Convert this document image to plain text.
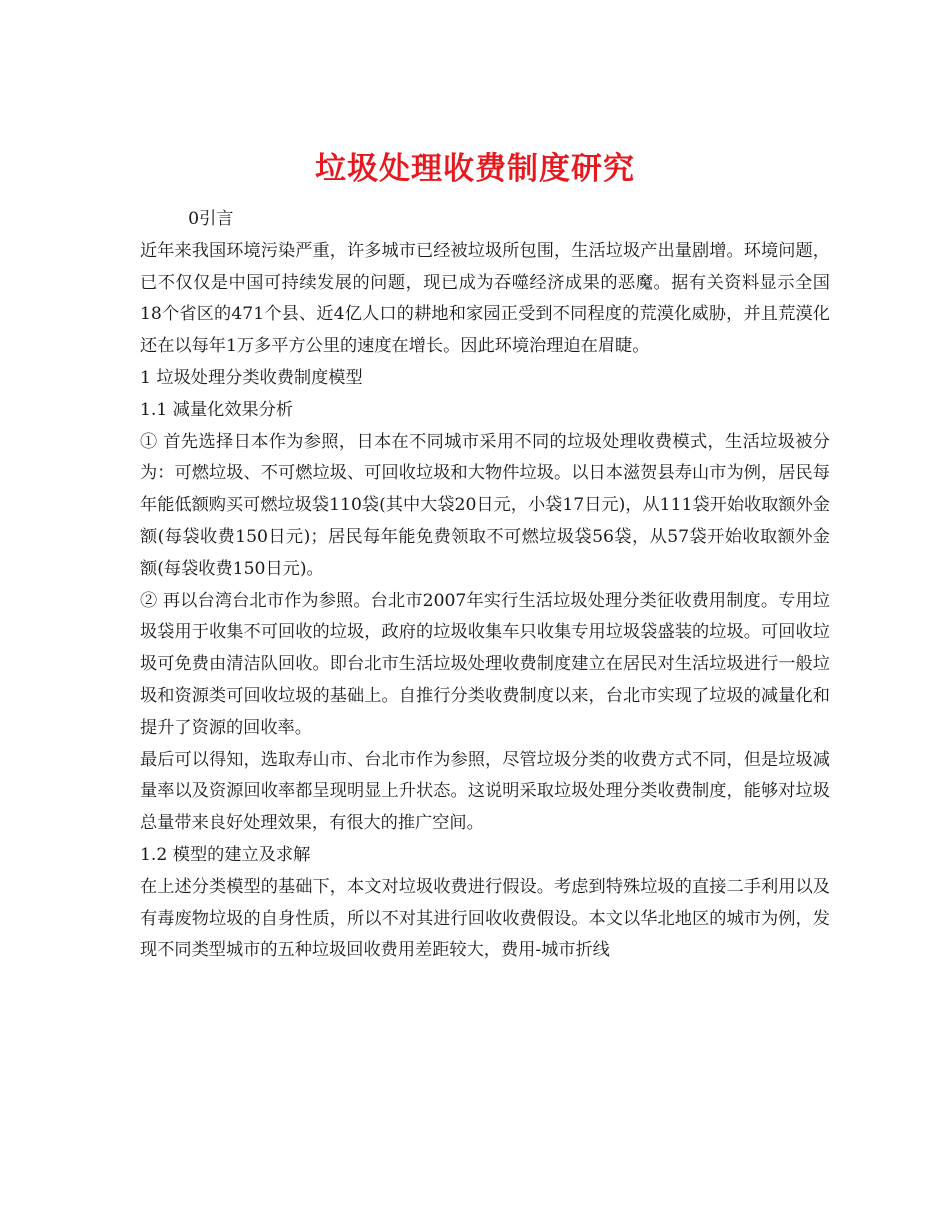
垃圾处理收费制度研究

0引言

近年来我国环境污染严重，许多城市已经被垃圾所包围，生活垃圾产出量剧增。环境问题，已不仅仅是中国可持续发展的问题，现已成为吞噬经济成果的恶魔。据有关资料显示全国18个省区的471个县、近4亿人口的耕地和家园正受到不同程度的荒漠化威胁，并且荒漠化还在以每年1万多平方公里的速度在增长。因此环境治理迫在眉睫。

1 垃圾处理分类收费制度模型

1.1 减量化效果分析

① 首先选择日本作为参照，日本在不同城市采用不同的垃圾处理收费模式，生活垃圾被分为：可燃垃圾、不可燃垃圾、可回收垃圾和大物件垃圾。以日本滋贺县寿山市为例，居民每年能低额购买可燃垃圾袋110袋(其中大袋20日元，小袋17日元)，从111袋开始收取额外金额(每袋收费150日元)；居民每年能免费领取不可燃垃圾袋56袋，从57袋开始收取额外金额(每袋收费150日元)。

② 再以台湾台北市作为参照。台北市2007年实行生活垃圾处理分类征收费用制度。专用垃圾袋用于收集不可回收的垃圾，政府的垃圾收集车只收集专用垃圾袋盛装的垃圾。可回收垃圾可免费由清洁队回收。即台北市生活垃圾处理收费制度建立在居民对生活垃圾进行一般垃圾和资源类可回收垃圾的基础上。自推行分类收费制度以来，台北市实现了垃圾的减量化和提升了资源的回收率。

最后可以得知，选取寿山市、台北市作为参照，尽管垃圾分类的收费方式不同，但是垃圾减量率以及资源回收率都呈现明显上升状态。这说明采取垃圾处理分类收费制度，能够对垃圾总量带来良好处理效果，有很大的推广空间。

1.2 模型的建立及求解

在上述分类模型的基础下，本文对垃圾收费进行假设。考虑到特殊垃圾的直接二手利用以及有毒废物垃圾的自身性质，所以不对其进行回收收费假设。本文以华北地区的城市为例，发现不同类型城市的五种垃圾回收费用差距较大，费用-城市折线
